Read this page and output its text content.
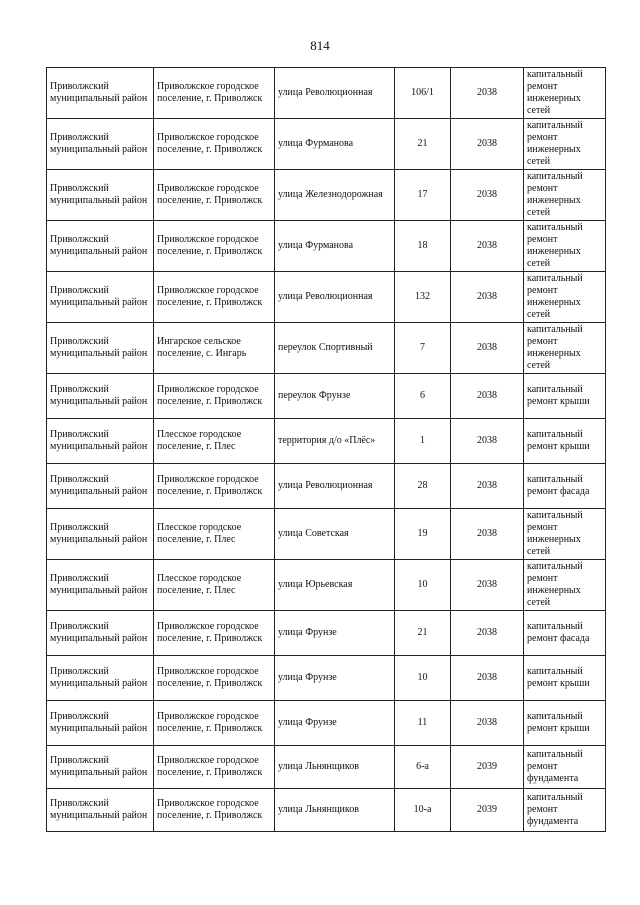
814
Приволжский муниципальный район	Приволжское городское поселение, г. Приволжск	улица Революционная	106/1	2038	капитальный ремонт инженерных сетей
Приволжский муниципальный район	Приволжское городское поселение, г. Приволжск	улица Фурманова	21	2038	капитальный ремонт инженерных сетей
Приволжский муниципальный район	Приволжское городское поселение, г. Приволжск	улица Железнодорожная	17	2038	капитальный ремонт инженерных сетей
Приволжский муниципальный район	Приволжское городское поселение, г. Приволжск	улица Фурманова	18	2038	капитальный ремонт инженерных сетей
Приволжский муниципальный район	Приволжское городское поселение, г. Приволжск	улица Революционная	132	2038	капитальный ремонт инженерных сетей
Приволжский муниципальный район	Ингарское сельское поселение, с. Ингарь	переулок Спортивный	7	2038	капитальный ремонт инженерных сетей
Приволжский муниципальный район	Приволжское городское поселение, г. Приволжск	переулок Фрунзе	6	2038	капитальный ремонт крыши
Приволжский муниципальный район	Плесское городское поселение, г. Плес	территория д/о «Плёс»	1	2038	капитальный ремонт крыши
Приволжский муниципальный район	Приволжское городское поселение, г. Приволжск	улица Революционная	28	2038	капитальный ремонт фасада
Приволжский муниципальный район	Плесское городское поселение, г. Плес	улица Советская	19	2038	капитальный ремонт инженерных сетей
Приволжский муниципальный район	Плесское городское поселение, г. Плес	улица Юрьевская	10	2038	капитальный ремонт инженерных сетей
Приволжский муниципальный район	Приволжское городское поселение, г. Приволжск	улица Фрунзе	21	2038	капитальный ремонт фасада
Приволжский муниципальный район	Приволжское городское поселение, г. Приволжск	улица Фрунзе	10	2038	капитальный ремонт крыши
Приволжский муниципальный район	Приволжское городское поселение, г. Приволжск	улица Фрунзе	11	2038	капитальный ремонт крыши
Приволжский муниципальный район	Приволжское городское поселение, г. Приволжск	улица Льнянщиков	6-а	2039	капитальный ремонт фундамента
Приволжский муниципальный район	Приволжское городское поселение, г. Приволжск	улица Льнянщиков	10-а	2039	капитальный ремонт фундамента
